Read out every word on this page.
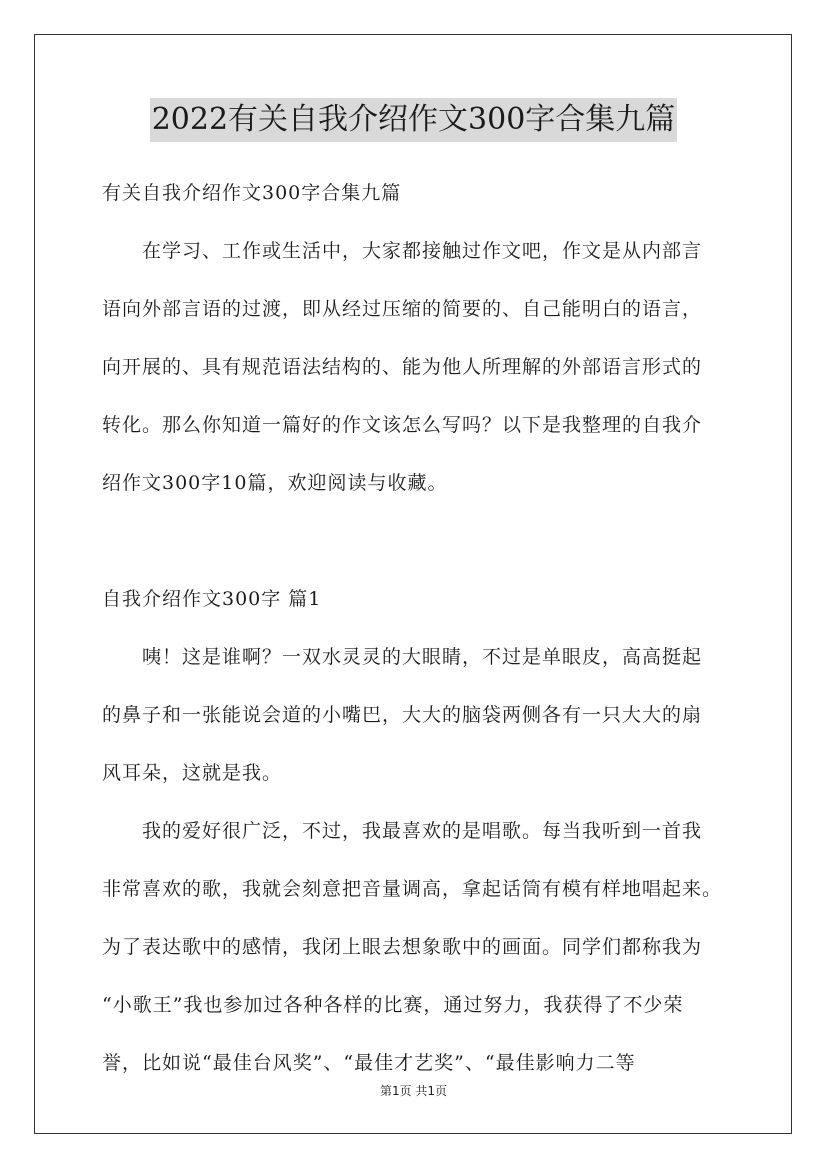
2022有关自我介绍作文300字合集九篇
有关自我介绍作文300字合集九篇
在学习、工作或生活中，大家都接触过作文吧，作文是从内部言
语向外部言语的过渡，即从经过压缩的简要的、自己能明白的语言，
向开展的、具有规范语法结构的、能为他人所理解的外部语言形式的
转化。那么你知道一篇好的作文该怎么写吗？以下是我整理的自我介
绍作文300字10篇，欢迎阅读与收藏。
自我介绍作文300字 篇1
咦！这是谁啊？一双水灵灵的大眼睛，不过是单眼皮，高高挺起
的鼻子和一张能说会道的小嘴巴，大大的脑袋两侧各有一只大大的扇
风耳朵，这就是我。
我的爱好很广泛，不过，我最喜欢的是唱歌。每当我听到一首我
非常喜欢的歌，我就会刻意把音量调高，拿起话筒有模有样地唱起来。
为了表达歌中的感情，我闭上眼去想象歌中的画面。同学们都称我为
“小歌王”我也参加过各种各样的比赛，通过努力，我获得了不少荣
誉，比如说“最佳台风奖”、“最佳才艺奖”、“最佳影响力二等
第1页 共1页
